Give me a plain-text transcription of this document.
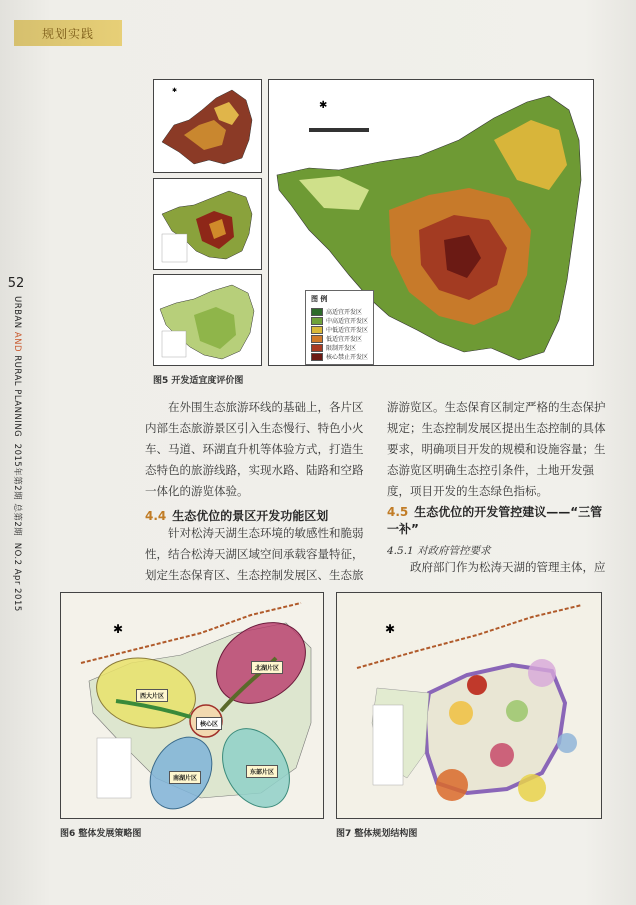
规划实践
52
URBAN AND RURAL PLANNING  2015年第2期 总第2期  NO.2 Apr 2015
✱
✱
图 例
高适宜开发区
中高适宜开发区
中低适宜开发区
低适宜开发区
限制开发区
核心禁止开发区
图5 开发适宜度评价图
在外围生态旅游环线的基础上，各片区内部生态旅游景区引入生态慢行、特色小火车、马道、环湖直升机等体验方式，打造生态特色的旅游线路，实现水路、陆路和空路一体化的游览体验。
4.4 生态优位的景区开发功能区划
针对松涛天湖生态环境的敏感性和脆弱性，结合松涛天湖区域空间承载容量特征，划定生态保育区、生态控制发展区、生态旅
游游览区。生态保育区制定严格的生态保护规定；生态控制发展区提出生态控制的具体要求，明确项目开发的规模和设施容量；生态游览区明确生态控引条件，土地开发强度，项目开发的生态绿色指标。
4.5 生态优位的开发管控建议——“三管一补”
4.5.1 对政府管控要求
政府部门作为松涛天湖的管理主体，应
✱
西大片区
北湖片区
南湖片区
东部片区
核心区
图6 整体发展策略图
✱
图7 整体规划结构图
